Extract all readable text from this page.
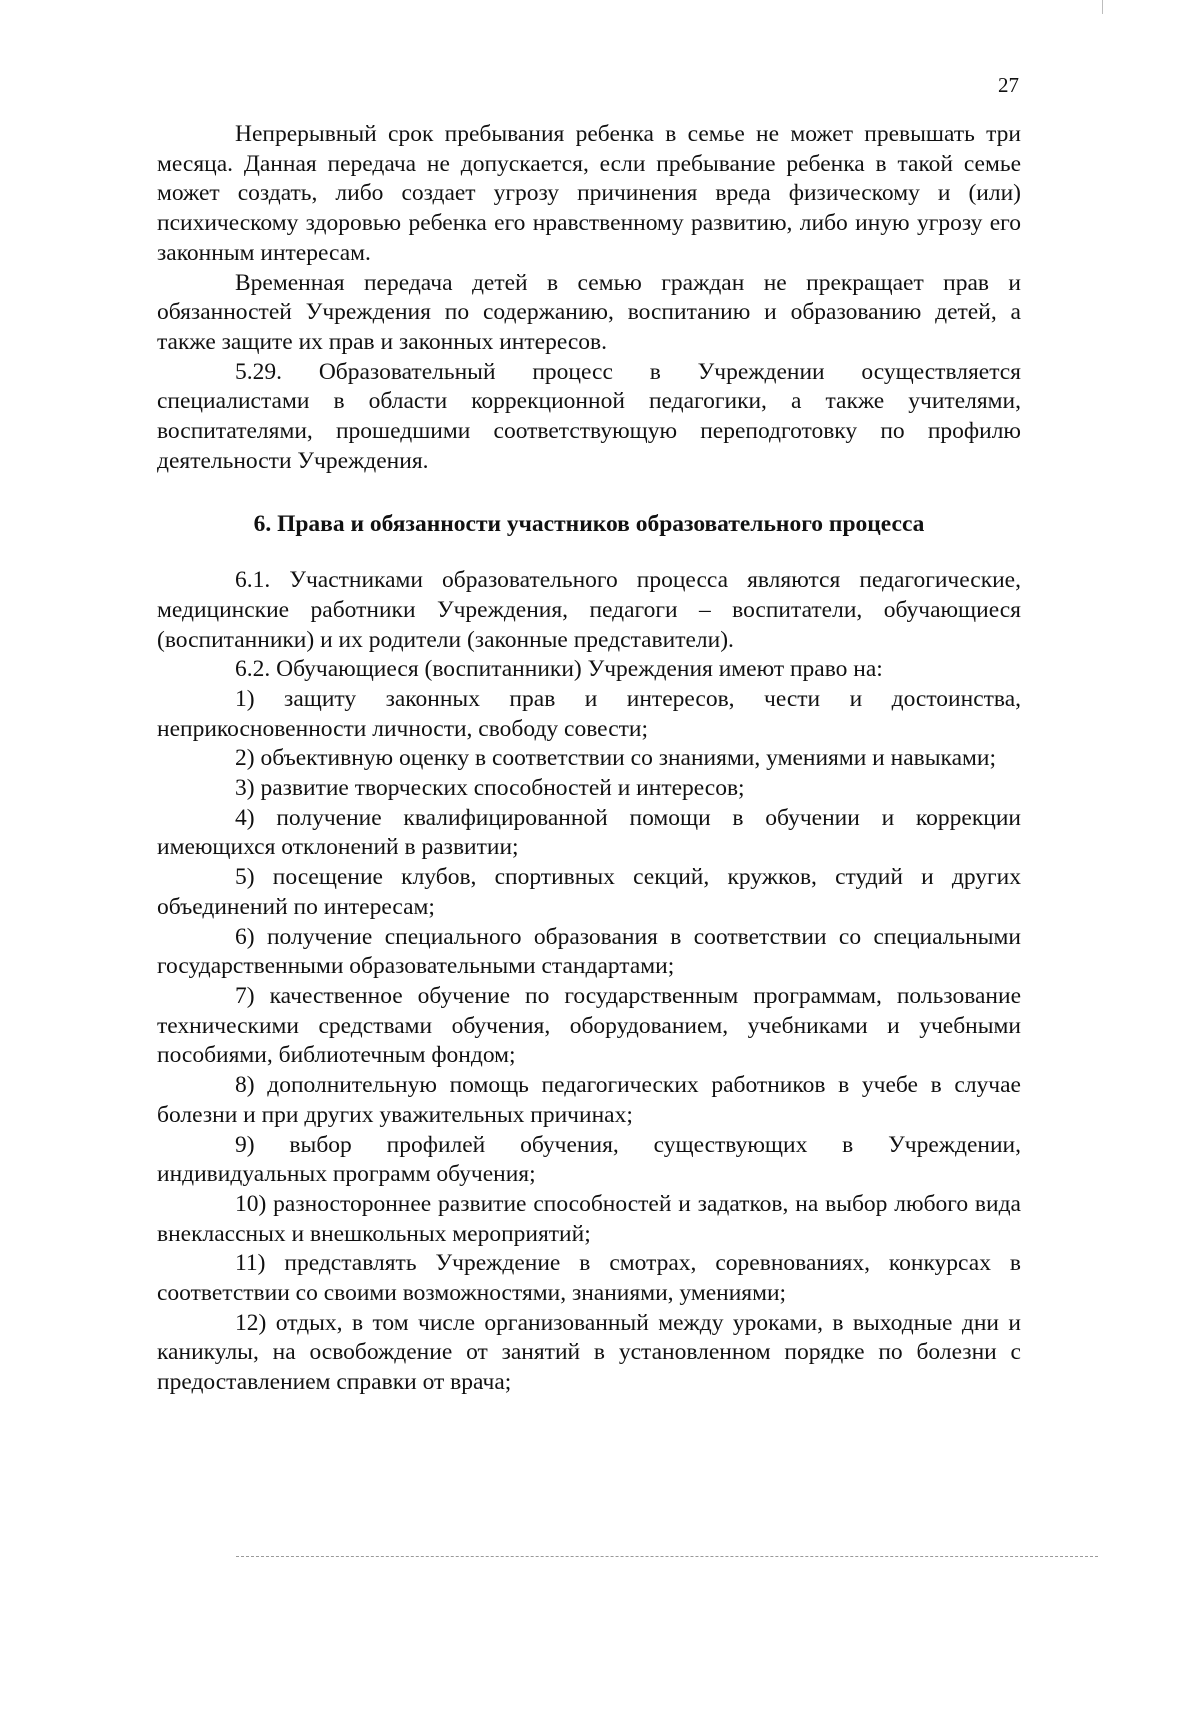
27

Непрерывный срок пребывания ребенка в семье не может превышать три месяца. Данная передача не допускается, если пребывание ребенка в такой семье может создать, либо создает угрозу причинения вреда физическому и (или) психическому здоровью ребенка его нравственному развитию, либо иную угрозу его законным интересам.

Временная передача детей в семью граждан не прекращает прав и обязанностей Учреждения по содержанию, воспитанию и образованию детей, а также защите их прав и законных интересов.

5.29. Образовательный процесс в Учреждении осуществляется специалистами в области коррекционной педагогики, а также учителями, воспитателями, прошедшими соответствующую переподготовку по профилю деятельности Учреждения.

6. Права и обязанности участников образовательного процесса

6.1. Участниками образовательного процесса являются педагогические, медицинские работники Учреждения, педагоги – воспитатели, обучающиеся (воспитанники) и их родители (законные представители).

6.2. Обучающиеся (воспитанники) Учреждения имеют право на:

1) защиту законных прав и интересов, чести и достоинства, неприкосновенности личности, свободу совести;

2) объективную оценку в соответствии со знаниями, умениями и навыками;

3) развитие творческих способностей и интересов;

4) получение квалифицированной помощи в обучении и коррекции имеющихся отклонений в развитии;

5) посещение клубов, спортивных секций, кружков, студий и других объединений по интересам;

6) получение специального образования в соответствии со специальными государственными образовательными стандартами;

7) качественное обучение по государственным программам, пользование техническими средствами обучения, оборудованием, учебниками и учебными пособиями, библиотечным фондом;

8) дополнительную помощь педагогических работников в учебе в случае болезни и при других уважительных причинах;

9) выбор профилей обучения, существующих в Учреждении, индивидуальных программ обучения;

10) разностороннее развитие способностей и задатков, на выбор любого вида внеклассных и внешкольных мероприятий;

11) представлять Учреждение в смотрах, соревнованиях, конкурсах в соответствии со своими возможностями, знаниями, умениями;

12) отдых, в том числе организованный между уроками, в выходные дни и каникулы, на освобождение от занятий в установленном порядке по болезни с предоставлением справки от врача;
